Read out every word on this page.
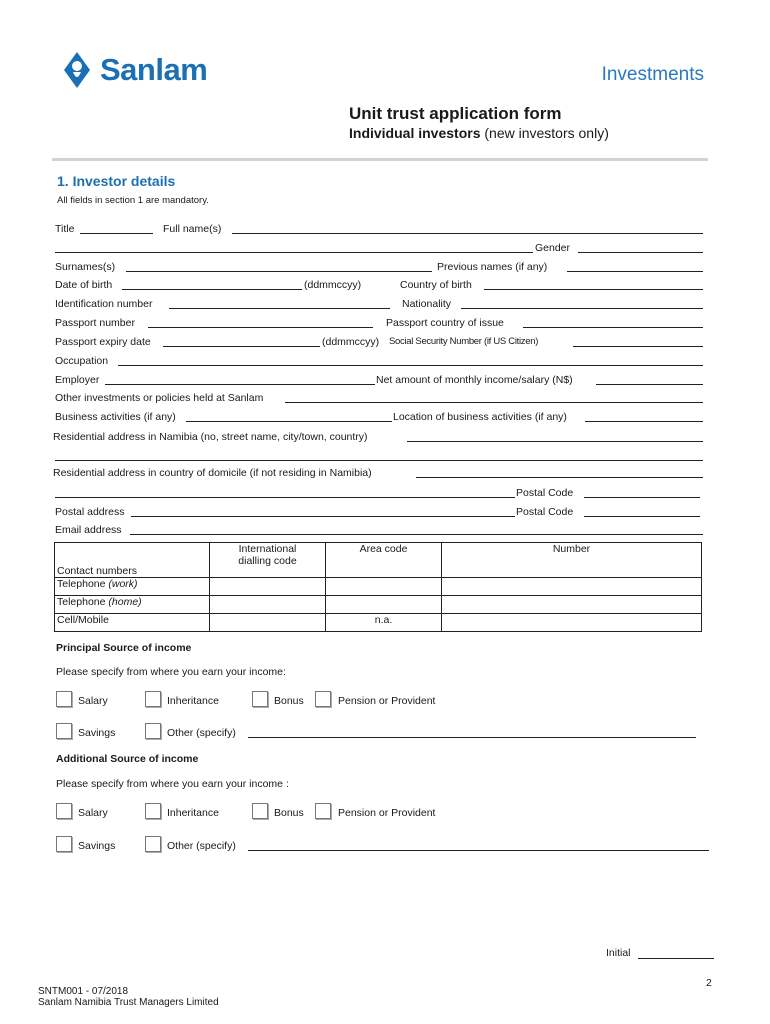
Sanlam	Investments
Unit trust application form
Individual investors (new investors only)
1. Investor details
All fields in section 1 are mandatory.
Title	Full name(s)
Gender
Surnames(s)	Previous names (if any)
Date of birth	(ddmmccyy)	Country of birth
Identification number	Nationality
Passport number	Passport country of issue
Passport expiry date	(ddmmccyy) Social Security Number (if US Citizen)
Occupation
Employer	Net amount of monthly income/salary (N$)
Other investments or policies held at Sanlam
Business activities (if any)	Location of business activities (if any)
Residential address in Namibia (no, street name, city/town, country)
Residential address in country of domicile (if not residing in Namibia)
Postal Code
Postal address	Postal Code
Email address
Contact numbers	International dialling code	Area code	Number
Telephone (work)			
Telephone (home)			
Cell/Mobile		n.a.	
Principal Source of income
Please specify from where you earn your income:
Salary	Inheritance	Bonus	Pension or Provident
Savings	Other (specify)
Additional Source of income
Please specify from where you earn your income :
Salary	Inheritance	Bonus	Pension or Provident
Savings	Other (specify)
Initial
2
SNTM001 - 07/2018
Sanlam Namibia Trust Managers Limited
